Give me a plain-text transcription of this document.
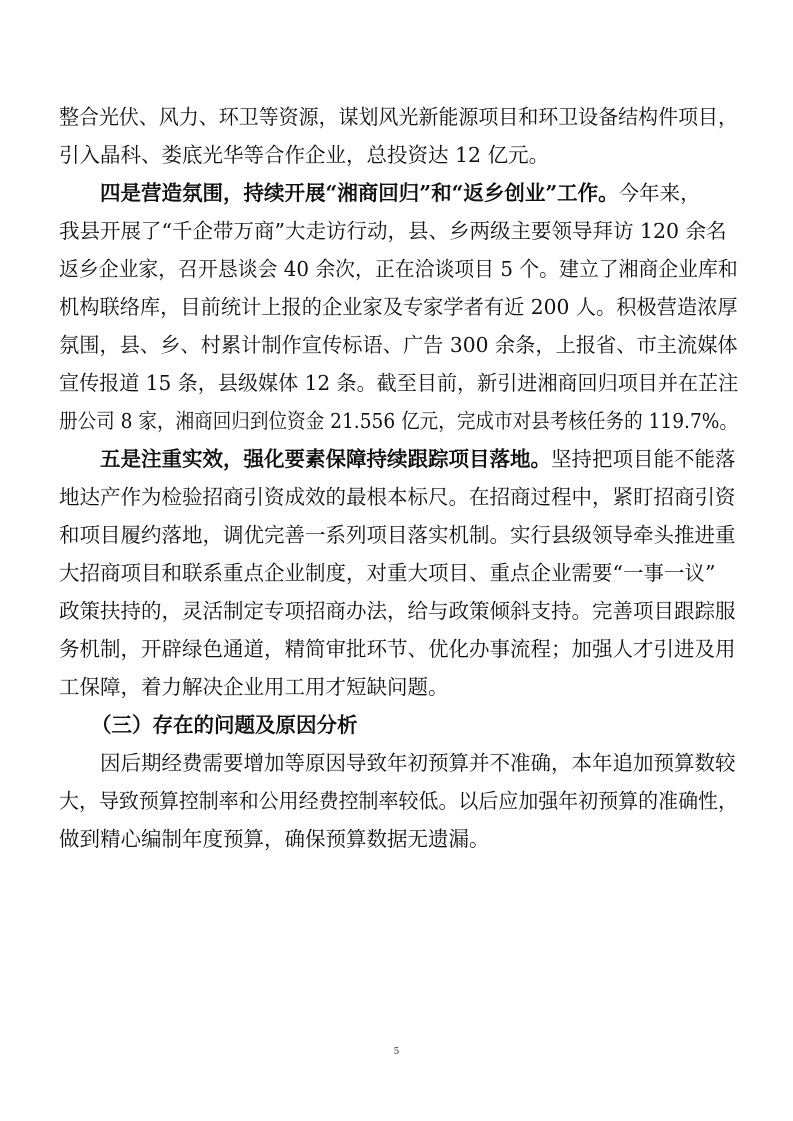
整合光伏、风力、环卫等资源，谋划风光新能源项目和环卫设备结构件项目，
引入晶科、娄底光华等合作企业，总投资达 12 亿元。
四是营造氛围，持续开展“湘商回归”和“返乡创业”工作。今年来，
我县开展了“千企带万商”大走访行动，县、乡两级主要领导拜访 120 余名
返乡企业家，召开恳谈会 40 余次，正在洽谈项目 5 个。建立了湘商企业库和
机构联络库，目前统计上报的企业家及专家学者有近 200 人。积极营造浓厚
氛围，县、乡、村累计制作宣传标语、广告 300 余条，上报省、市主流媒体
宣传报道 15 条，县级媒体 12 条。截至目前，新引进湘商回归项目并在芷注
册公司 8 家，湘商回归到位资金 21.556 亿元，完成市对县考核任务的 119.7%。
五是注重实效，强化要素保障持续跟踪项目落地。坚持把项目能不能落
地达产作为检验招商引资成效的最根本标尺。在招商过程中，紧盯招商引资
和项目履约落地，调优完善一系列项目落实机制。实行县级领导牵头推进重
大招商项目和联系重点企业制度，对重大项目、重点企业需要“一事一议”
政策扶持的，灵活制定专项招商办法，给与政策倾斜支持。完善项目跟踪服
务机制，开辟绿色通道，精简审批环节、优化办事流程；加强人才引进及用
工保障，着力解决企业用工用才短缺问题。
（三）存在的问题及原因分析
因后期经费需要增加等原因导致年初预算并不准确，本年追加预算数较
大，导致预算控制率和公用经费控制率较低。以后应加强年初预算的准确性，
做到精心编制年度预算，确保预算数据无遗漏。
5
